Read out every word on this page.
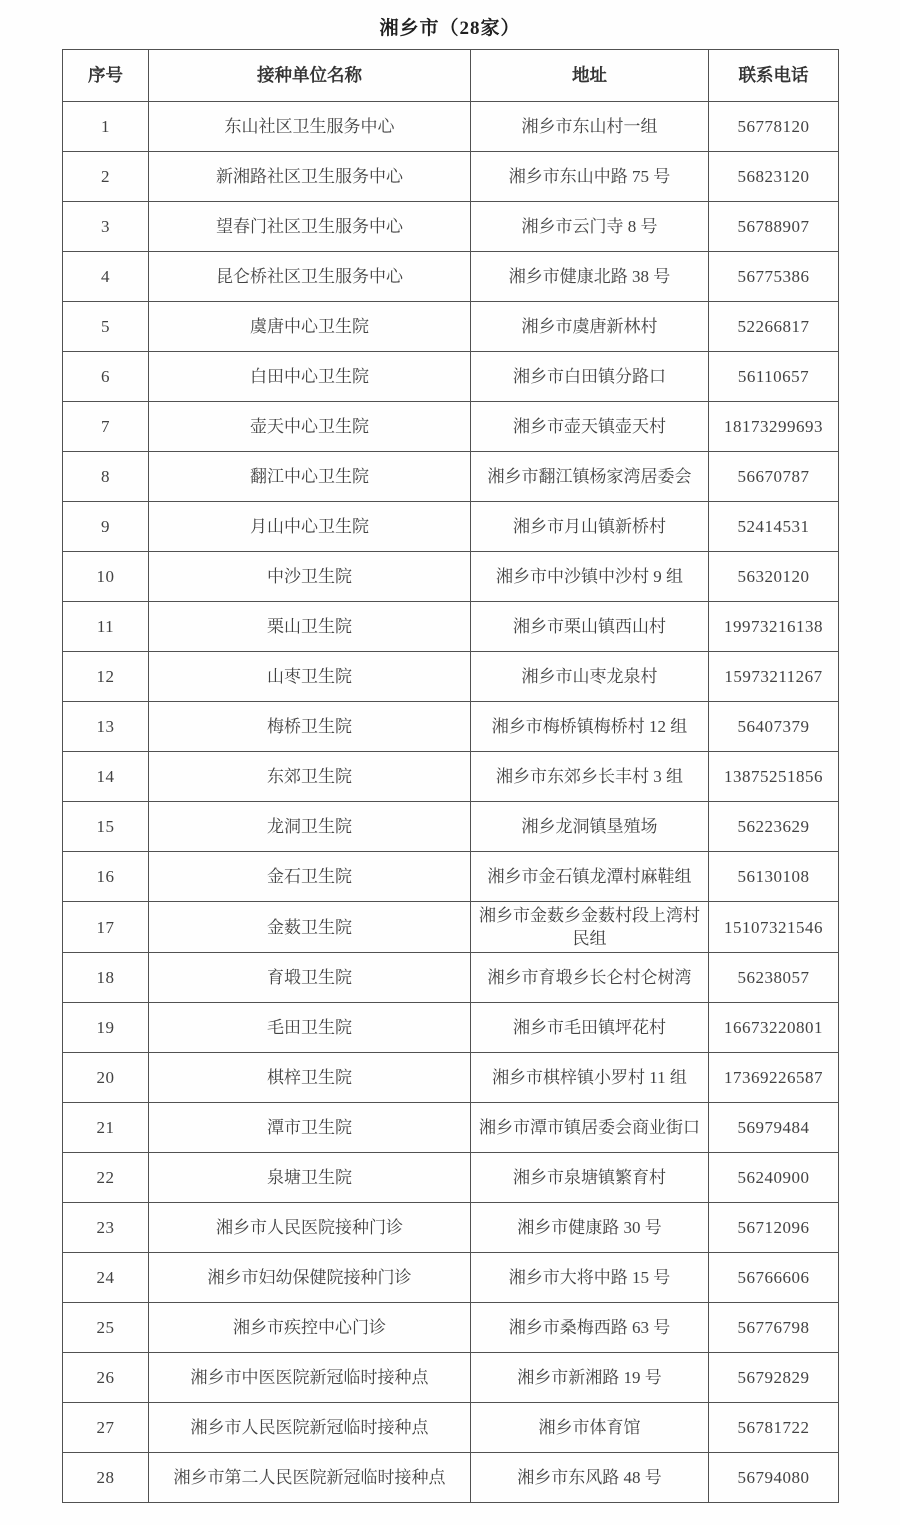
湘乡市（28家）
序号	接种单位名称	地址	联系电话
1	东山社区卫生服务中心	湘乡市东山村一组	56778120
2	新湘路社区卫生服务中心	湘乡市东山中路 75 号	56823120
3	望春门社区卫生服务中心	湘乡市云门寺 8 号	56788907
4	昆仑桥社区卫生服务中心	湘乡市健康北路 38 号	56775386
5	虞唐中心卫生院	湘乡市虞唐新林村	52266817
6	白田中心卫生院	湘乡市白田镇分路口	56110657
7	壶天中心卫生院	湘乡市壶天镇壶天村	18173299693
8	翻江中心卫生院	湘乡市翻江镇杨家湾居委会	56670787
9	月山中心卫生院	湘乡市月山镇新桥村	52414531
10	中沙卫生院	湘乡市中沙镇中沙村 9 组	56320120
11	栗山卫生院	湘乡市栗山镇西山村	19973216138
12	山枣卫生院	湘乡市山枣龙泉村	15973211267
13	梅桥卫生院	湘乡市梅桥镇梅桥村 12 组	56407379
14	东郊卫生院	湘乡市东郊乡长丰村 3 组	13875251856
15	龙洞卫生院	湘乡龙洞镇垦殖场	56223629
16	金石卫生院	湘乡市金石镇龙潭村麻鞋组	56130108
17	金薮卫生院	湘乡市金薮乡金薮村段上湾村民组	15107321546
18	育塅卫生院	湘乡市育塅乡长仑村仑树湾	56238057
19	毛田卫生院	湘乡市毛田镇坪花村	16673220801
20	棋梓卫生院	湘乡市棋梓镇小罗村 11 组	17369226587
21	潭市卫生院	湘乡市潭市镇居委会商业街口	56979484
22	泉塘卫生院	湘乡市泉塘镇繁育村	56240900
23	湘乡市人民医院接种门诊	湘乡市健康路 30 号	56712096
24	湘乡市妇幼保健院接种门诊	湘乡市大将中路 15 号	56766606
25	湘乡市疾控中心门诊	湘乡市桑梅西路 63 号	56776798
26	湘乡市中医医院新冠临时接种点	湘乡市新湘路 19 号	56792829
27	湘乡市人民医院新冠临时接种点	湘乡市体育馆	56781722
28	湘乡市第二人民医院新冠临时接种点	湘乡市东风路 48 号	56794080
